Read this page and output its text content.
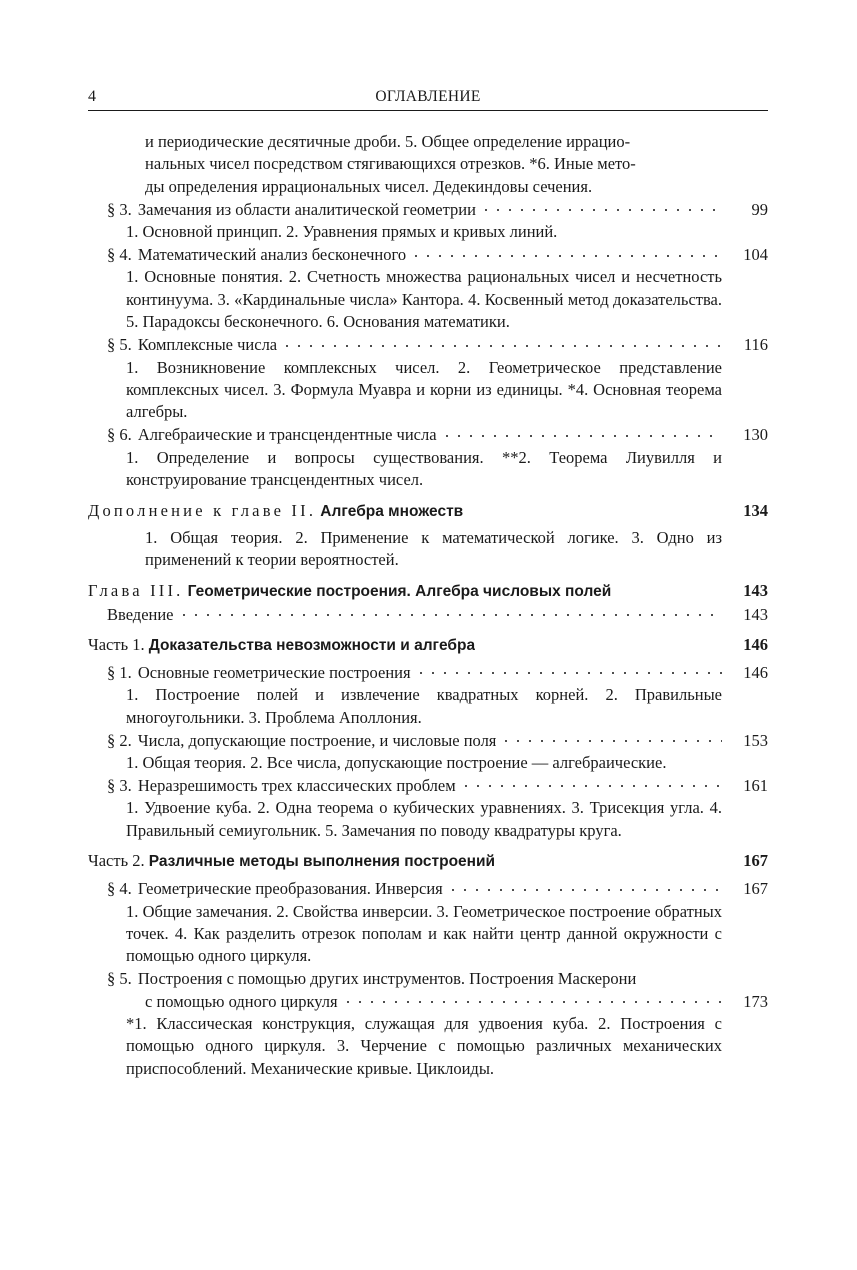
4	ОГЛАВЛЕНИЕ
и периодические десятичные дроби. 5. Общее определение иррацио-
нальных чисел посредством стягивающихся отрезков. *6. Иные мето-
ды определения иррациональных чисел. Дедекиндовы сечения.
§ 3. Замечания из области аналитической геометрии	99
1. Основной принцип. 2. Уравнения прямых и кривых линий.
§ 4. Математический анализ бесконечного	104
1. Основные понятия. 2. Счетность множества рациональных чисел и несчетность континуума. 3. «Кардинальные числа» Кантора. 4. Косвенный метод доказательства. 5. Парадоксы бесконечного. 6. Основания математики.
§ 5. Комплексные числа	116
1. Возникновение комплексных чисел. 2. Геометрическое представление комплексных чисел. 3. Формула Муавра и корни из единицы. *4. Основная теорема алгебры.
§ 6. Алгебраические и трансцендентные числа	130
1. Определение и вопросы существования. **2. Теорема Лиувилля и конструирование трансцендентных чисел.
Дополнение к главе II. Алгебра множеств	134
1. Общая теория. 2. Применение к математической логике. 3. Одно из применений к теории вероятностей.
Глава III. Геометрические построения. Алгебра числовых полей	143
Введение	143
Часть 1. Доказательства невозможности и алгебра	146
§ 1. Основные геометрические построения	146
1. Построение полей и извлечение квадратных корней. 2. Правильные многоугольники. 3. Проблема Аполлония.
§ 2. Числа, допускающие построение, и числовые поля	153
1. Общая теория. 2. Все числа, допускающие построение — алгебраические.
§ 3. Неразрешимость трех классических проблем	161
1. Удвоение куба. 2. Одна теорема о кубических уравнениях. 3. Трисекция угла. 4. Правильный семиугольник. 5. Замечания по поводу квадратуры круга.
Часть 2. Различные методы выполнения построений	167
§ 4. Геометрические преобразования. Инверсия	167
1. Общие замечания. 2. Свойства инверсии. 3. Геометрическое построение обратных точек. 4. Как разделить отрезок пополам и как найти центр данной окружности с помощью одного циркуля.
§ 5. Построения с помощью других инструментов. Построения Маскерони
с помощью одного циркуля	173
*1. Классическая конструкция, служащая для удвоения куба. 2. Построения с помощью одного циркуля. 3. Черчение с помощью различных механических приспособлений. Механические кривые. Циклоиды.
